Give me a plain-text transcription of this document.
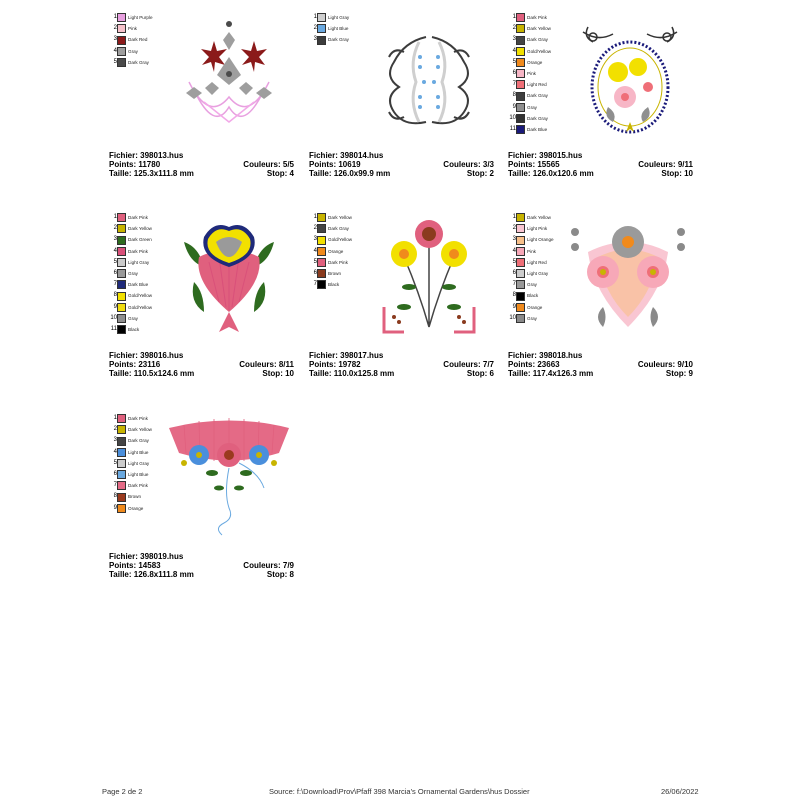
1 Light Purple
2 Pink
3 Dark Red
4 Gray
5 Dark Gray
Fichier: 398013.hus
Points: 11780	Couleurs: 5/5
Taille: 125.3x111.8 mm	Stop: 4
1 Light Gray
2 Light Blue
3 Dark Gray
Fichier: 398014.hus
Points: 10619	Couleurs: 3/3
Taille: 126.0x99.9 mm	Stop: 2
1 Dark Pink
2 Dark Yellow
3 Dark Gray
4 Gold/Yellow
5 Orange
6 Pink
7 Light Red
8 Dark Gray
9 Gray
10 Dark Gray
11 Dark Blue
Fichier: 398015.hus
Points: 15565	Couleurs: 9/11
Taille: 126.0x120.6 mm	Stop: 10
1 Dark Pink
2 Dark Yellow
3 Dark Green
4 Dark Pink
5 Light Gray
6 Gray
7 Dark Blue
8 Gold/Yellow
9 Gold/Yellow
10 Gray
11 Black
Fichier: 398016.hus
Points: 23116	Couleurs: 8/11
Taille: 110.5x124.6 mm	Stop: 10
1 Dark Yellow
2 Dark Gray
3 Gold/Yellow
4 Orange
5 Dark Pink
6 Brown
7 Black
Fichier: 398017.hus
Points: 19782	Couleurs: 7/7
Taille: 110.0x125.8 mm	Stop: 6
1 Dark Yellow
2 Light Pink
3 Light Orange
4 Pink
5 Light Red
6 Light Gray
7 Gray
8 Black
9 Orange
10 Gray
Fichier: 398018.hus
Points: 23663	Couleurs: 9/10
Taille: 117.4x126.3 mm	Stop: 9
1 Dark Pink
2 Dark Yellow
3 Dark Gray
4 Light Blue
5 Light Gray
6 Light Blue
7 Dark Pink
8 Brown
9 Orange
Fichier: 398019.hus
Points: 14583	Couleurs: 7/9
Taille: 126.8x111.8 mm	Stop: 8
Page 2 de 2	Source: f:\Download\Prov\Pfaff 398 Marcia's Ornamental Gardens\hus Dossier	26/06/2022
